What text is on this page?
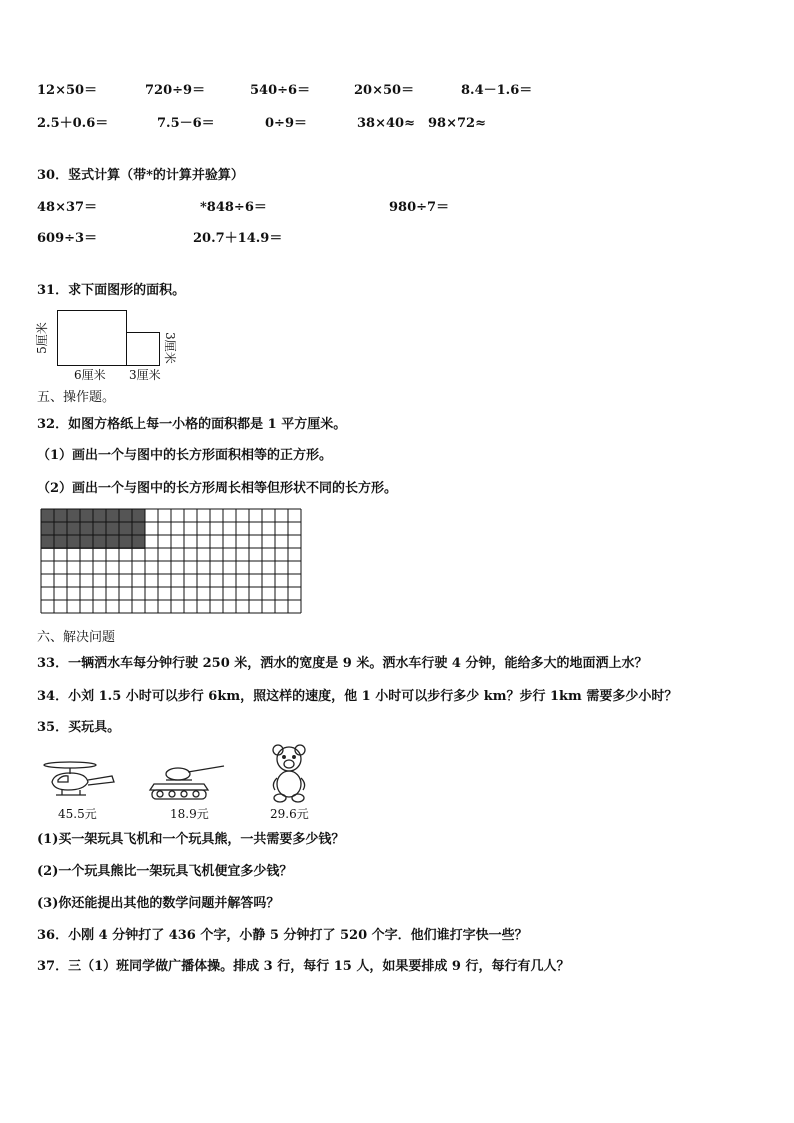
12×50＝	720÷9＝	540÷6＝	20×50＝	8.4－1.6＝
2.5＋0.6＝	7.5－6＝	0÷9＝	38×40≈ 98×72≈
30．竖式计算（带*的计算并验算）
48×37＝	*848÷6＝	980÷7＝
609÷3＝	20.7＋14.9＝
31．求下面图形的面积。
5厘米	3厘米
6厘米 3厘米
五、操作题。
32．如图方格纸上每一小格的面积都是 1 平方厘米。
（1）画出一个与图中的长方形面积相等的正方形。
（2）画出一个与图中的长方形周长相等但形状不同的长方形。
六、解决问题
33．一辆洒水车每分钟行驶 250 米，洒水的宽度是 9 米。洒水车行驶 4 分钟，能给多大的地面洒上水？
34．小刘 1.5 小时可以步行 6km，照这样的速度，他 1 小时可以步行多少 km？步行 1km 需要多少小时？
35．买玩具。
45.5元	18.9元	29.6元
(1)买一架玩具飞机和一个玩具熊，一共需要多少钱？
(2)一个玩具熊比一架玩具飞机便宜多少钱？
(3)你还能提出其他的数学问题并解答吗？
36．小刚 4 分钟打了 436 个字，小静 5 分钟打了 520 个字．他们谁打字快一些？
37．三（1）班同学做广播体操。排成 3 行，每行 15 人，如果要排成 9 行，每行有几人？
